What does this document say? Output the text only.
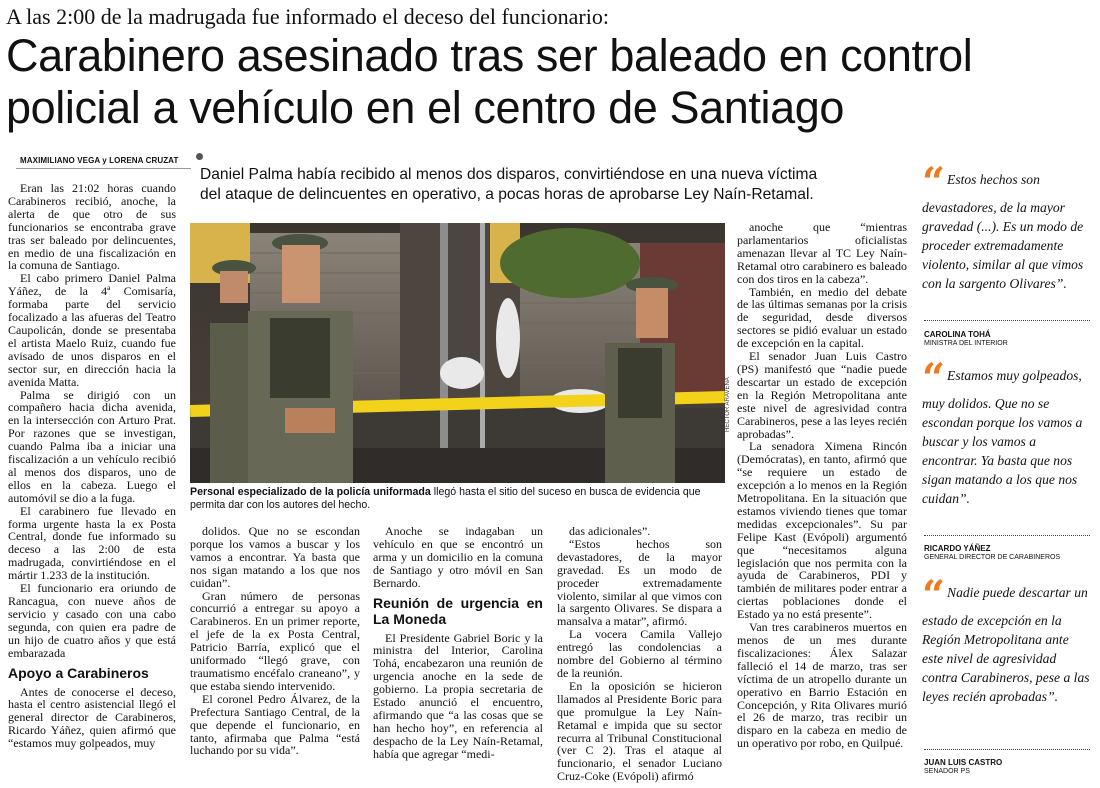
A las 2:00 de la madrugada fue informado el deceso del funcionario:
Carabinero asesinado tras ser baleado en control
policial a vehículo en el centro de Santiago
MAXIMILIANO VEGA y LORENA CRUZAT
Daniel Palma había recibido al menos dos disparos, convirtiéndose en una nueva víctima
del ataque de delincuentes en operativo, a pocas horas de aprobarse Ley Naín-Retamal.

Eran las 21:02 horas cuando Carabineros recibió, anoche, la alerta de que otro de sus funcionarios se encontraba grave tras ser baleado por delincuentes, en medio de una fiscalización en la comuna de Santiago.

El cabo primero Daniel Palma Yáñez, de la 4ª Comisaría, formaba parte del servicio focalizado a las afueras del Teatro Caupolicán, donde se presentaba el artista Maelo Ruiz, cuando fue avisado de unos disparos en el sector sur, en dirección hacia la avenida Matta.

Palma se dirigió con un compañero hacia dicha avenida, en la intersección con Arturo Prat. Por razones que se investigan, cuando Palma iba a iniciar una fiscalización a un vehículo recibió al menos dos disparos, uno de ellos en la cabeza. Luego el automóvil se dio a la fuga.

El carabinero fue llevado en forma urgente hasta la ex Posta Central, donde fue informado su deceso a las 2:00 de esta madrugada, convirtiéndose en el mártir 1.233 de la institución.

El funcionario era oriundo de Rancagua, con nueve años de servicio y casado con una cabo segunda, con quien era padre de un hijo de cuatro años y que está embarazada

Apoyo a Carabineros

Antes de conocerse el deceso, hasta el centro asistencial llegó el general director de Carabineros, Ricardo Yáñez, quien afirmó que “estamos muy golpeados, muy

HÉCTOR ARAVENA
Personal especializado de la policía uniformada llegó hasta el sitio del suceso en busca de evidencia que permita dar con los autores del hecho.

dolidos. Que no se escondan porque los vamos a buscar y los vamos a encontrar. Ya basta que nos sigan matando a los que nos cuidan”.

Gran número de personas concurrió a entregar su apoyo a Carabineros. En un primer reporte, el jefe de la ex Posta Central, Patricio Barría, explicó que el uniformado “llegó grave, con traumatismo encéfalo craneano”, y que estaba siendo intervenido.

El coronel Pedro Álvarez, de la Prefectura Santiago Central, de la que depende el funcionario, en tanto, afirmaba que Palma “está luchando por su vida”.

Anoche se indagaban un vehículo en que se encontró un arma y un domicilio en la comuna de Santiago y otro móvil en San Bernardo.

Reunión de urgencia en La Moneda

El Presidente Gabriel Boric y la ministra del Interior, Carolina Tohá, encabezaron una reunión de urgencia anoche en la sede de gobierno. La propia secretaria de Estado anunció el encuentro, afirmando que “a las cosas que se han hecho hoy”, en referencia al despacho de la Ley Naín-Retamal, había que agregar “medi-

das adicionales”.

“Estos hechos son devastadores, de la mayor gravedad. Es un modo de proceder extremadamente violento, similar al que vimos con la sargento Olivares. Se dispara a mansalva a matar”, afirmó.

La vocera Camila Vallejo entregó las condolencias a nombre del Gobierno al término de la reunión.

En la oposición se hicieron llamados al Presidente Boric para que promulgue la Ley Naín-Retamal e impida que su sector recurra al Tribunal Constitucional (ver C 2). Tras el ataque al funcionario, el senador Luciano Cruz-Coke (Evópoli) afirmó

anoche que “mientras parlamentarios oficialistas amenazan llevar al TC Ley Naín-Retamal otro carabinero es baleado con dos tiros en la cabeza”.

También, en medio del debate de las últimas semanas por la crisis de seguridad, desde diversos sectores se pidió evaluar un estado de excepción en la capital.

El senador Juan Luis Castro (PS) manifestó que “nadie puede descartar un estado de excepción en la Región Metropolitana ante este nivel de agresividad contra Carabineros, pese a las leyes recién aprobadas”.

La senadora Ximena Rincón (Demócratas), en tanto, afirmó que “se requiere un estado de excepción a lo menos en la Región Metropolitana. En la situación que estamos viviendo tienes que tomar medidas excepcionales”. Su par Felipe Kast (Evópoli) argumentó que “necesitamos alguna legislación que nos permita con la ayuda de Carabineros, PDI y también de militares poder entrar a ciertas poblaciones donde el Estado ya no está presente”.

Van tres carabineros muertos en menos de un mes durante fiscalizaciones: Álex Salazar falleció el 14 de marzo, tras ser víctima de un atropello durante un operativo en Barrio Estación en Concepción, y Rita Olivares murió el 26 de marzo, tras recibir un disparo en la cabeza en medio de un operativo por robo, en Quilpué.

“ Estos hechos son devastadores, de la mayor gravedad (...). Es un modo de proceder extremadamente violento, similar al que vimos con la sargento Olivares”.
CAROLINA TOHÁ
MINISTRA DEL INTERIOR
“ Estamos muy golpeados, muy dolidos. Que no se escondan porque los vamos a buscar y los vamos a encontrar. Ya basta que nos sigan matando a los que nos cuidan”.
RICARDO YÁÑEZ
GENERAL DIRECTOR DE CARABINEROS
“ Nadie puede descartar un estado de excepción en la Región Metropolitana ante este nivel de agresividad contra Carabineros, pese a las leyes recién aprobadas”.
JUAN LUIS CASTRO
SENADOR PS
